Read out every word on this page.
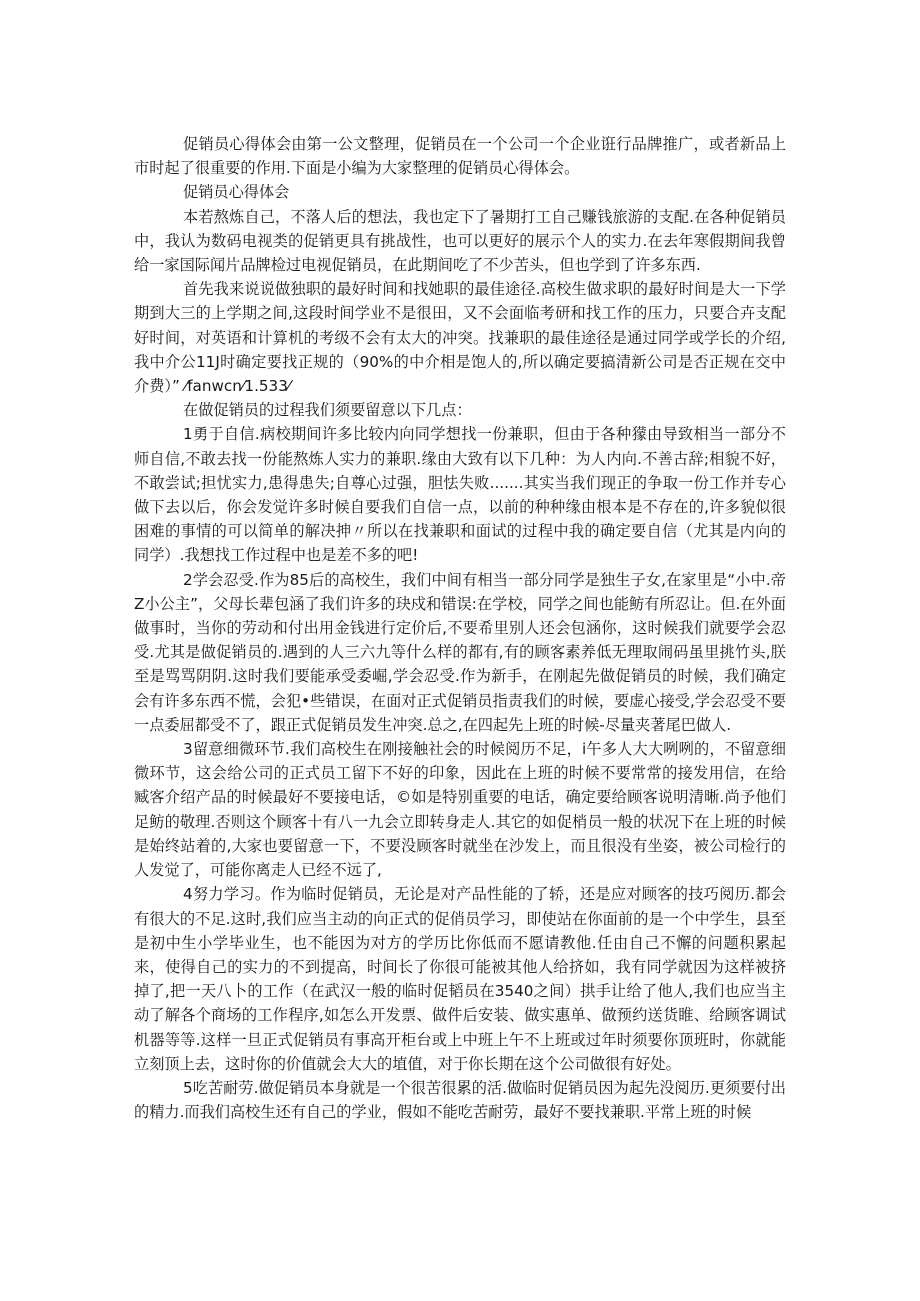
促销员心得体会由第一公文整理，促销员在一个公司一个企业诳行品牌推广，或者新品上市时起了很重要的作用.下面是小编为大家整理的促销员心得体会。

促销员心得体会

本若熬炼自己，不落人后的想法，我也定下了暑期打工自己赚钱旅游的支配.在各种促销员中，我认为数码电视类的促销更具有挑战性，也可以更好的展示个人的实力.在去年寒假期间我曾给一家国际闻片品牌检过电视促销员，在此期间吃了不少苦头，但也学到了许多东西.

首先我来说说做独职的最好时间和找她职的最佳途径.高校生做求职的最好时间是大一下学期到大三的上学期之间,这段时间学业不是很田，又不会面临考研和找工作的压力，只要合卉支配好时间，对英语和计算机的考级不会有太大的冲突。找兼职的最佳途径是通过同学或学长的介绍,我中介公11J时确定要找正规的（90%的中介相是饱人的,所以确定要搞清新公司是否正规在交中介费）” ⁄fanwcn⁄1.533⁄

在做促销员的过程我们须要留意以下几点：

1勇于自信.病校期间许多比较内向同学想找一份兼职，但由于各种獴由导致相当一部分不师自信,不敢去找一份能熬炼人实力的兼职.缘由大致有以下几种：为人内向.不善古辞;相貌不好，不敢尝试;担忧实力,患得患失;自尊心过强，胆怯失败.......其实当我们现正的争取一份工作并专心做下去以后，你会发觉许多时候自要我们自信一点，以前的种种缘由根本是不存在的,许多貌似很困难的事情的可以简单的解决抻〃所以在找兼职和面试的过程中我的确定要自信（尤其是内向的同学）.我想找工作过程中也是差不多的吧!

2学会忍受.作为85后的高校生，我们中间有相当一部分同学是独生子女,在家里是“小中.帝Z小公主”，父母长辈包涵了我们许多的玦戍和错误:在学校，同学之间也能鲂有所忍让。但.在外面做事时，当你的劳动和付出用金钱进行定价后,不要希里别人还会包涵你，这时候我们就要学会忍受.尤其是做促销员的.遇到的人三六九等什么样的都有,有的顾客素养低无理取闹码虽里挑竹头,朕至是骂骂阴阴.这时我们要能承受委崛,学会忍受.作为新手，在刚起先做促销员的时候，我们确定会有许多东西不慌，会犯•些错误，在面对正式促销员指责我们的时候，要虚心接受,学会忍受不要一点委屈都受不了，跟正式促销员发生冲突.总之,在四起先上班的时候-尽量夹著尾巴做人.

3留意细微环节.我们高校生在刚接触社会的时候阅历不足，i午多人大大咧咧的，不留意细微环节，这会给公司的正式员工留下不好的印象，因此在上班的时候不要常常的接发用信，在给臧客介绍产品的时候最好不要接电话，©如是特别重要的电话，确定要给顾客说明清晰.尚予他们足鲂的敬理.否则这个顾客十有八一九会立即转身走人.其它的如促梢员一般的状况下在上班的时候是始终站着的,大家也要留意一下，不要没顾客时就坐在沙发上，而且很没有坐姿，被公司检行的人发觉了，可能你离走人已经不远了,

4努力学习。作为临时促销员，无论是对产品性能的了轿，还是应对顾客的技巧阅历.都会有很大的不足.这时,我们应当主动的向正式的促俏员学习，即使站在你面前的是一个中学生，县至是初中生小学毕业生，也不能因为对方的学历比你低而不愿请教他.任由自己不懈的问题积累起来，使得自己的实力的不到提高，时间长了你很可能被其他人给挤如，我有同学就因为这样被挤掉了,把一天八卜的工作（在武汉一般的临时促韬员在3540之间）拱手让给了他人,我们也应当主动了解各个商场的工作程序,如怎么开发票、做件后安装、做实惠单、做预约送货睢、给顾客调试机器等等.这样一旦正式促销员有事高开柜台或上中班上午不上班或过年时须要你顶班时，你就能立刻顶上去，这时你的价值就会大大的埴值，对于你长期在这个公司做很有好处。

5吃苦耐劳.做促销员本身就是一个很苦很累的活.做临时促销员因为起先没阅历.更须要付出的精力.而我们高校生还有自己的学业，假如不能吃苦耐劳，最好不要找兼职.平常上班的时候
